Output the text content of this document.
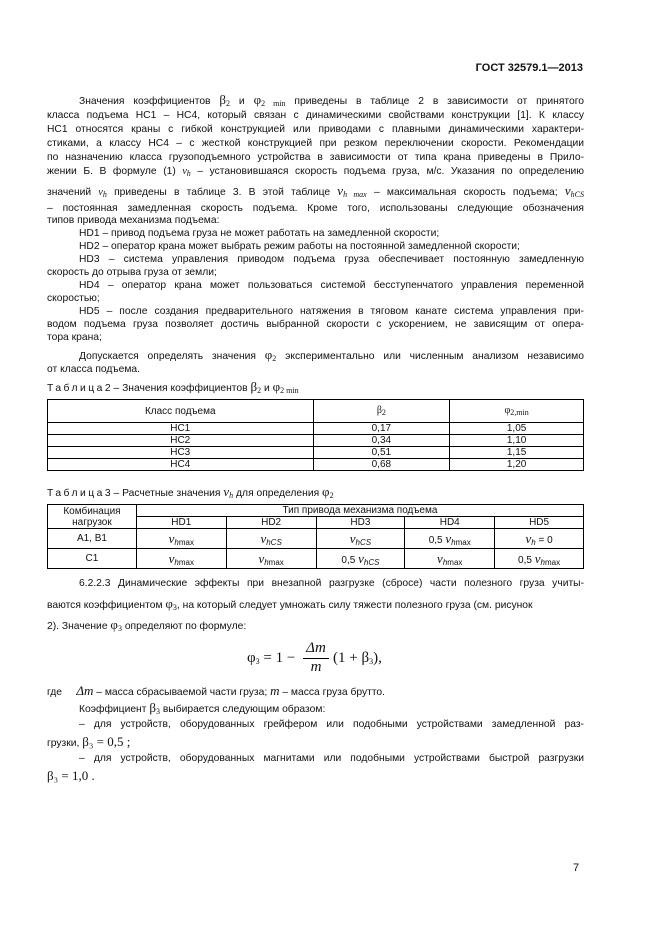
ГОСТ 32579.1—2013
Значения коэффициентов $\beta_2$ и $\varphi_{2 min}$ приведены в таблице 2 в зависимости от принятого
класса подъема HC1 – HC4, который связан с динамическими свойствами конструкции [1]. К классу
HC1 относятся краны с гибкой конструкцией или приводами с плавными динамическими характери-
стиками, а классу HC4 – с жесткой конструкцией при резком переключении скорости. Рекомендации
по назначению класса грузоподъемного устройства в зависимости от типа крана приведены в Прило-
жении Б. В формуле (1) $v_h$ – установившаяся скорость подъема груза, м/с. Указания по определению
значений $v_h$ приведены в таблице 3. В этой таблице $v_{h max}$ – максимальная скорость подъема; $v_{hCS}$
– постоянная замедленная скорость подъема. Кроме того, использованы следующие обозначения
типов привода механизма подъема:
HD1 – привод подъема груза не может работать на замедленной скорости;
HD2 – оператор крана может выбрать режим работы на постоянной замедленной скорости;
HD3 – система управления приводом подъема груза обеспечивает постоянную замедленную
скорость до отрыва груза от земли;
HD4 – оператор крана может пользоваться системой бесступенчатого управления переменной
скоростью;
HD5 – после создания предварительного натяжения в тяговом канате система управления при-
водом подъема груза позволяет достичь выбранной скорости с ускорением, не зависящим от опера-
тора крана;
Допускается определять значения $\varphi_2$ экспериментально или численным анализом независимо
от класса подъема.
Таблица2 – Значения коэффициентов $\beta_2$ и $\varphi_{2 min}$
Класс подъема	$\beta_2$	$\varphi_{2,min}$
HC1	0,17	1,05
HC2	0,34	1,10
HC3	0,51	1,15
HC4	0,68	1,20
Таблица3 – Расчетные значения $v_h$ для определения $\varphi_2$
Комбинация нагрузок	Тип привода механизма подъема				
	HD1	HD2	HD3	HD4	HD5
A1, B1	$v_{hmax}$	$v_{hCS}$	$v_{hCS}$	0,5 $v_{hmax}$	$v_h = 0$
C1	$v_{hmax}$	$v_{hmax}$	0,5 $v_{hCS}$	$v_{hmax}$	0,5 $v_{hmax}$
6.2.2.3 Динамические эффекты при внезапной разгрузке (сбросе) части полезного груза учиты-
ваются коэффициентом $\varphi_3$, на который следует умножать силу тяжести полезного груза (см. рисунок
2). Значение $\varphi_3$ определяют по формуле:
$\varphi_3 = 1 - \frac{\Delta m}{m} (1 + \beta_3)$,
где Δm – масса сбрасываемой части груза; m – масса груза брутто.
Коэффициент $\beta_3$ выбирается следующим образом:
– для устройств, оборудованных грейфером или подобными устройствами замедленной раз-
грузки, β₃ = 0,5 ;
– для устройств, оборудованных магнитами или подобными устройствами быстрой разгрузки
β₃ = 1,0 .
7
